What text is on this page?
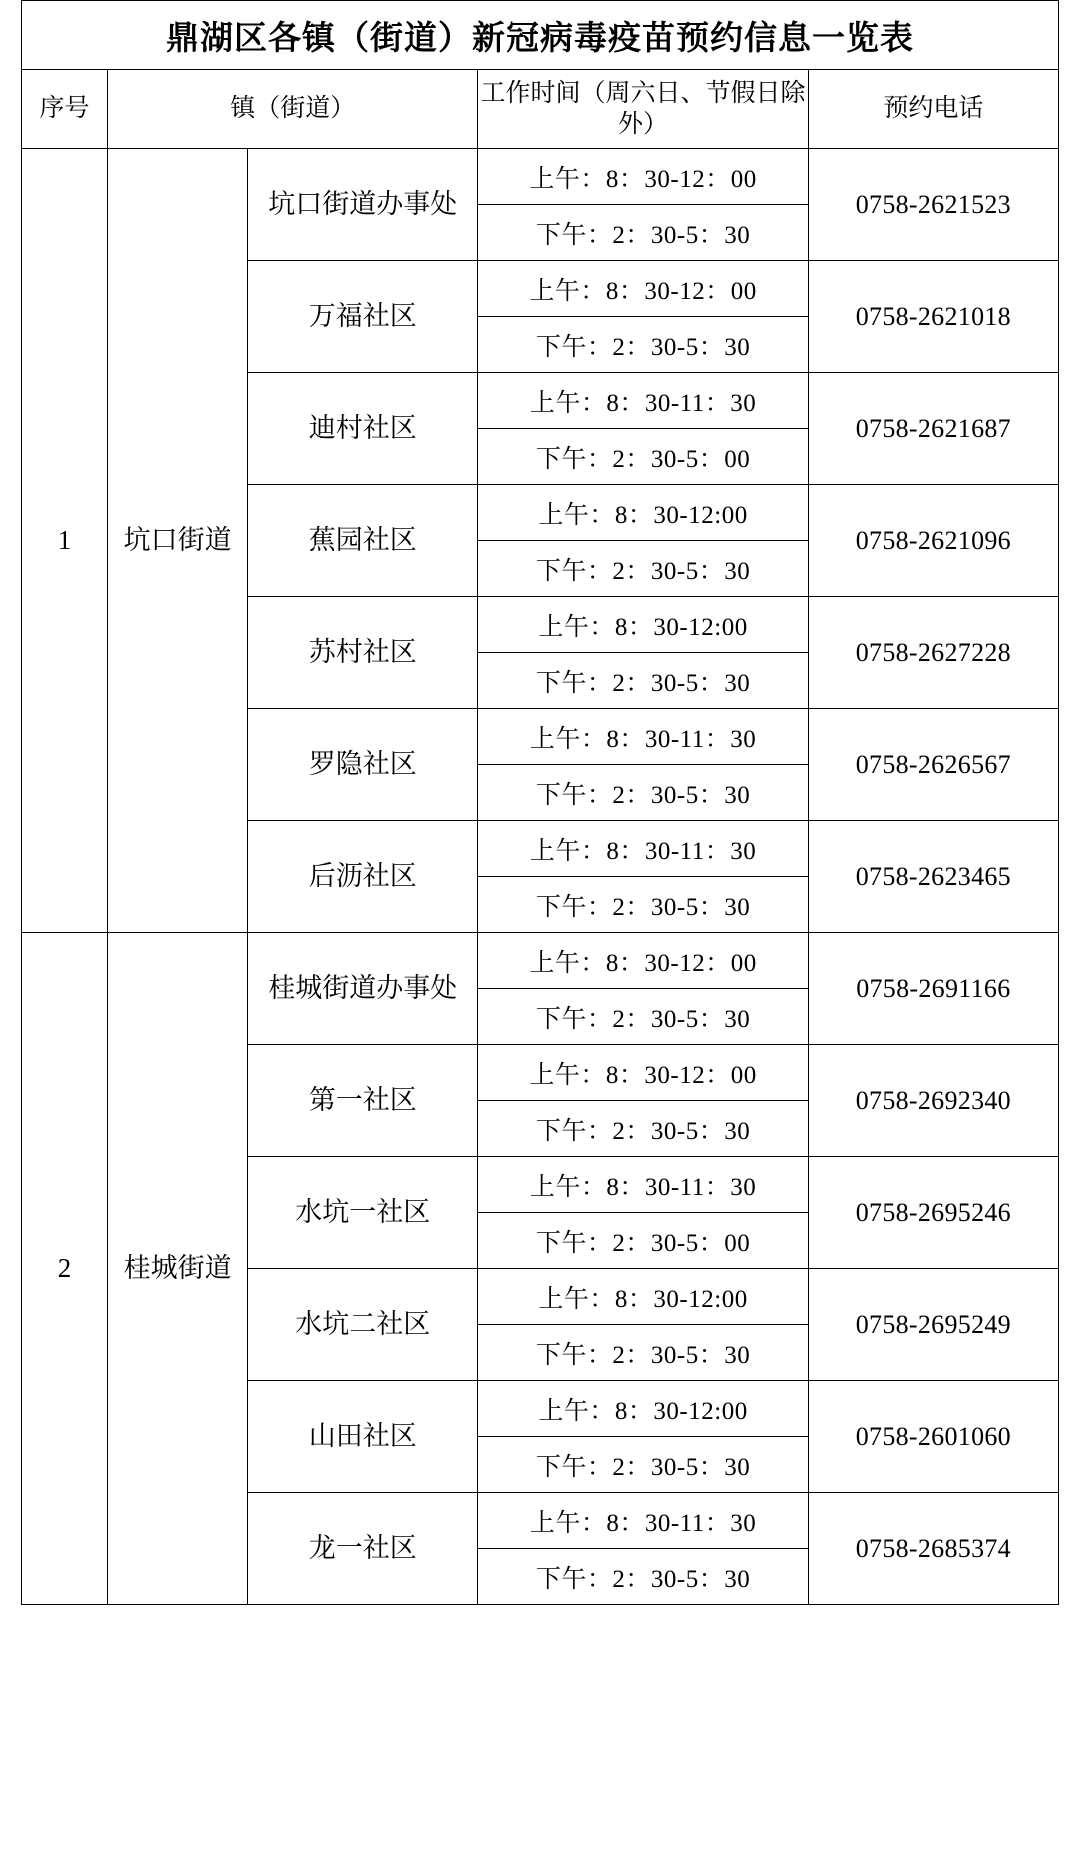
鼎湖区各镇（街道）新冠病毒疫苗预约信息一览表				
序号	镇（街道）		工作时间（周六日、节假日除外）	预约电话
1	坑口街道	坑口街道办事处	上午：8：30-12：00	0758-2621523
			下午：2：30-5：30	
		万福社区	上午：8：30-12：00	0758-2621018
			下午：2：30-5：30	
		迪村社区	上午：8：30-11：30	0758-2621687
			下午：2：30-5：00	
		蕉园社区	上午：8：30-12:00	0758-2621096
			下午：2：30-5：30	
		苏村社区	上午：8：30-12:00	0758-2627228
			下午：2：30-5：30	
		罗隐社区	上午：8：30-11：30	0758-2626567
			下午：2：30-5：30	
		后沥社区	上午：8：30-11：30	0758-2623465
			下午：2：30-5：30	
2	桂城街道	桂城街道办事处	上午：8：30-12：00	0758-2691166
			下午：2：30-5：30	
		第一社区	上午：8：30-12：00	0758-2692340
			下午：2：30-5：30	
		水坑一社区	上午：8：30-11：30	0758-2695246
			下午：2：30-5：00	
		水坑二社区	上午：8：30-12:00	0758-2695249
			下午：2：30-5：30	
		山田社区	上午：8：30-12:00	0758-2601060
			下午：2：30-5：30	
		龙一社区	上午：8：30-11：30	0758-2685374
			下午：2：30-5：30	
